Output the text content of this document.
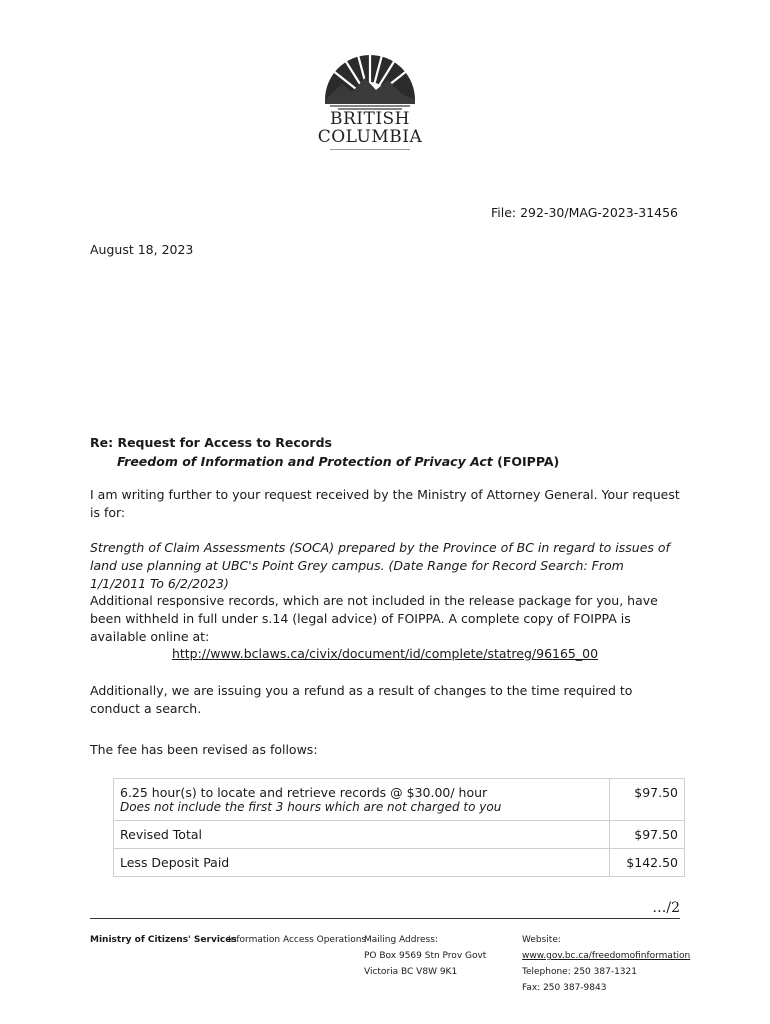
BRITISH
COLUMBIA
File: 292-30/MAG-2023-31456
August 18, 2023
Re: Request for Access to Records
Freedom of Information and Protection of Privacy Act (FOIPPA)
I am writing further to your request received by the Ministry of Attorney General. Your request is for:
Strength of Claim Assessments (SOCA) prepared by the Province of BC in regard to issues of land use planning at UBC's Point Grey campus. (Date Range for Record Search: From 1/1/2011 To 6/2/2023)
Additional responsive records, which are not included in the release package for you, have been withheld in full under s.14 (legal advice) of FOIPPA. A complete copy of FOIPPA is available online at:
http://www.bclaws.ca/civix/document/id/complete/statreg/96165_00
Additionally, we are issuing you a refund as a result of changes to the time required to conduct a search.
The fee has been revised as follows:
6.25 hour(s) to locate and retrieve records @ $30.00/ hour
Does not include the first 3 hours which are not charged to you	$97.50
Revised Total	$97.50
Less Deposit Paid	$142.50
…/2
Ministry of Citizens' Services
Information Access Operations
Mailing Address:
PO Box 9569 Stn Prov Govt
Victoria BC V8W 9K1
Website:
www.gov.bc.ca/freedomofinformation
Telephone: 250 387-1321
Fax: 250 387-9843
